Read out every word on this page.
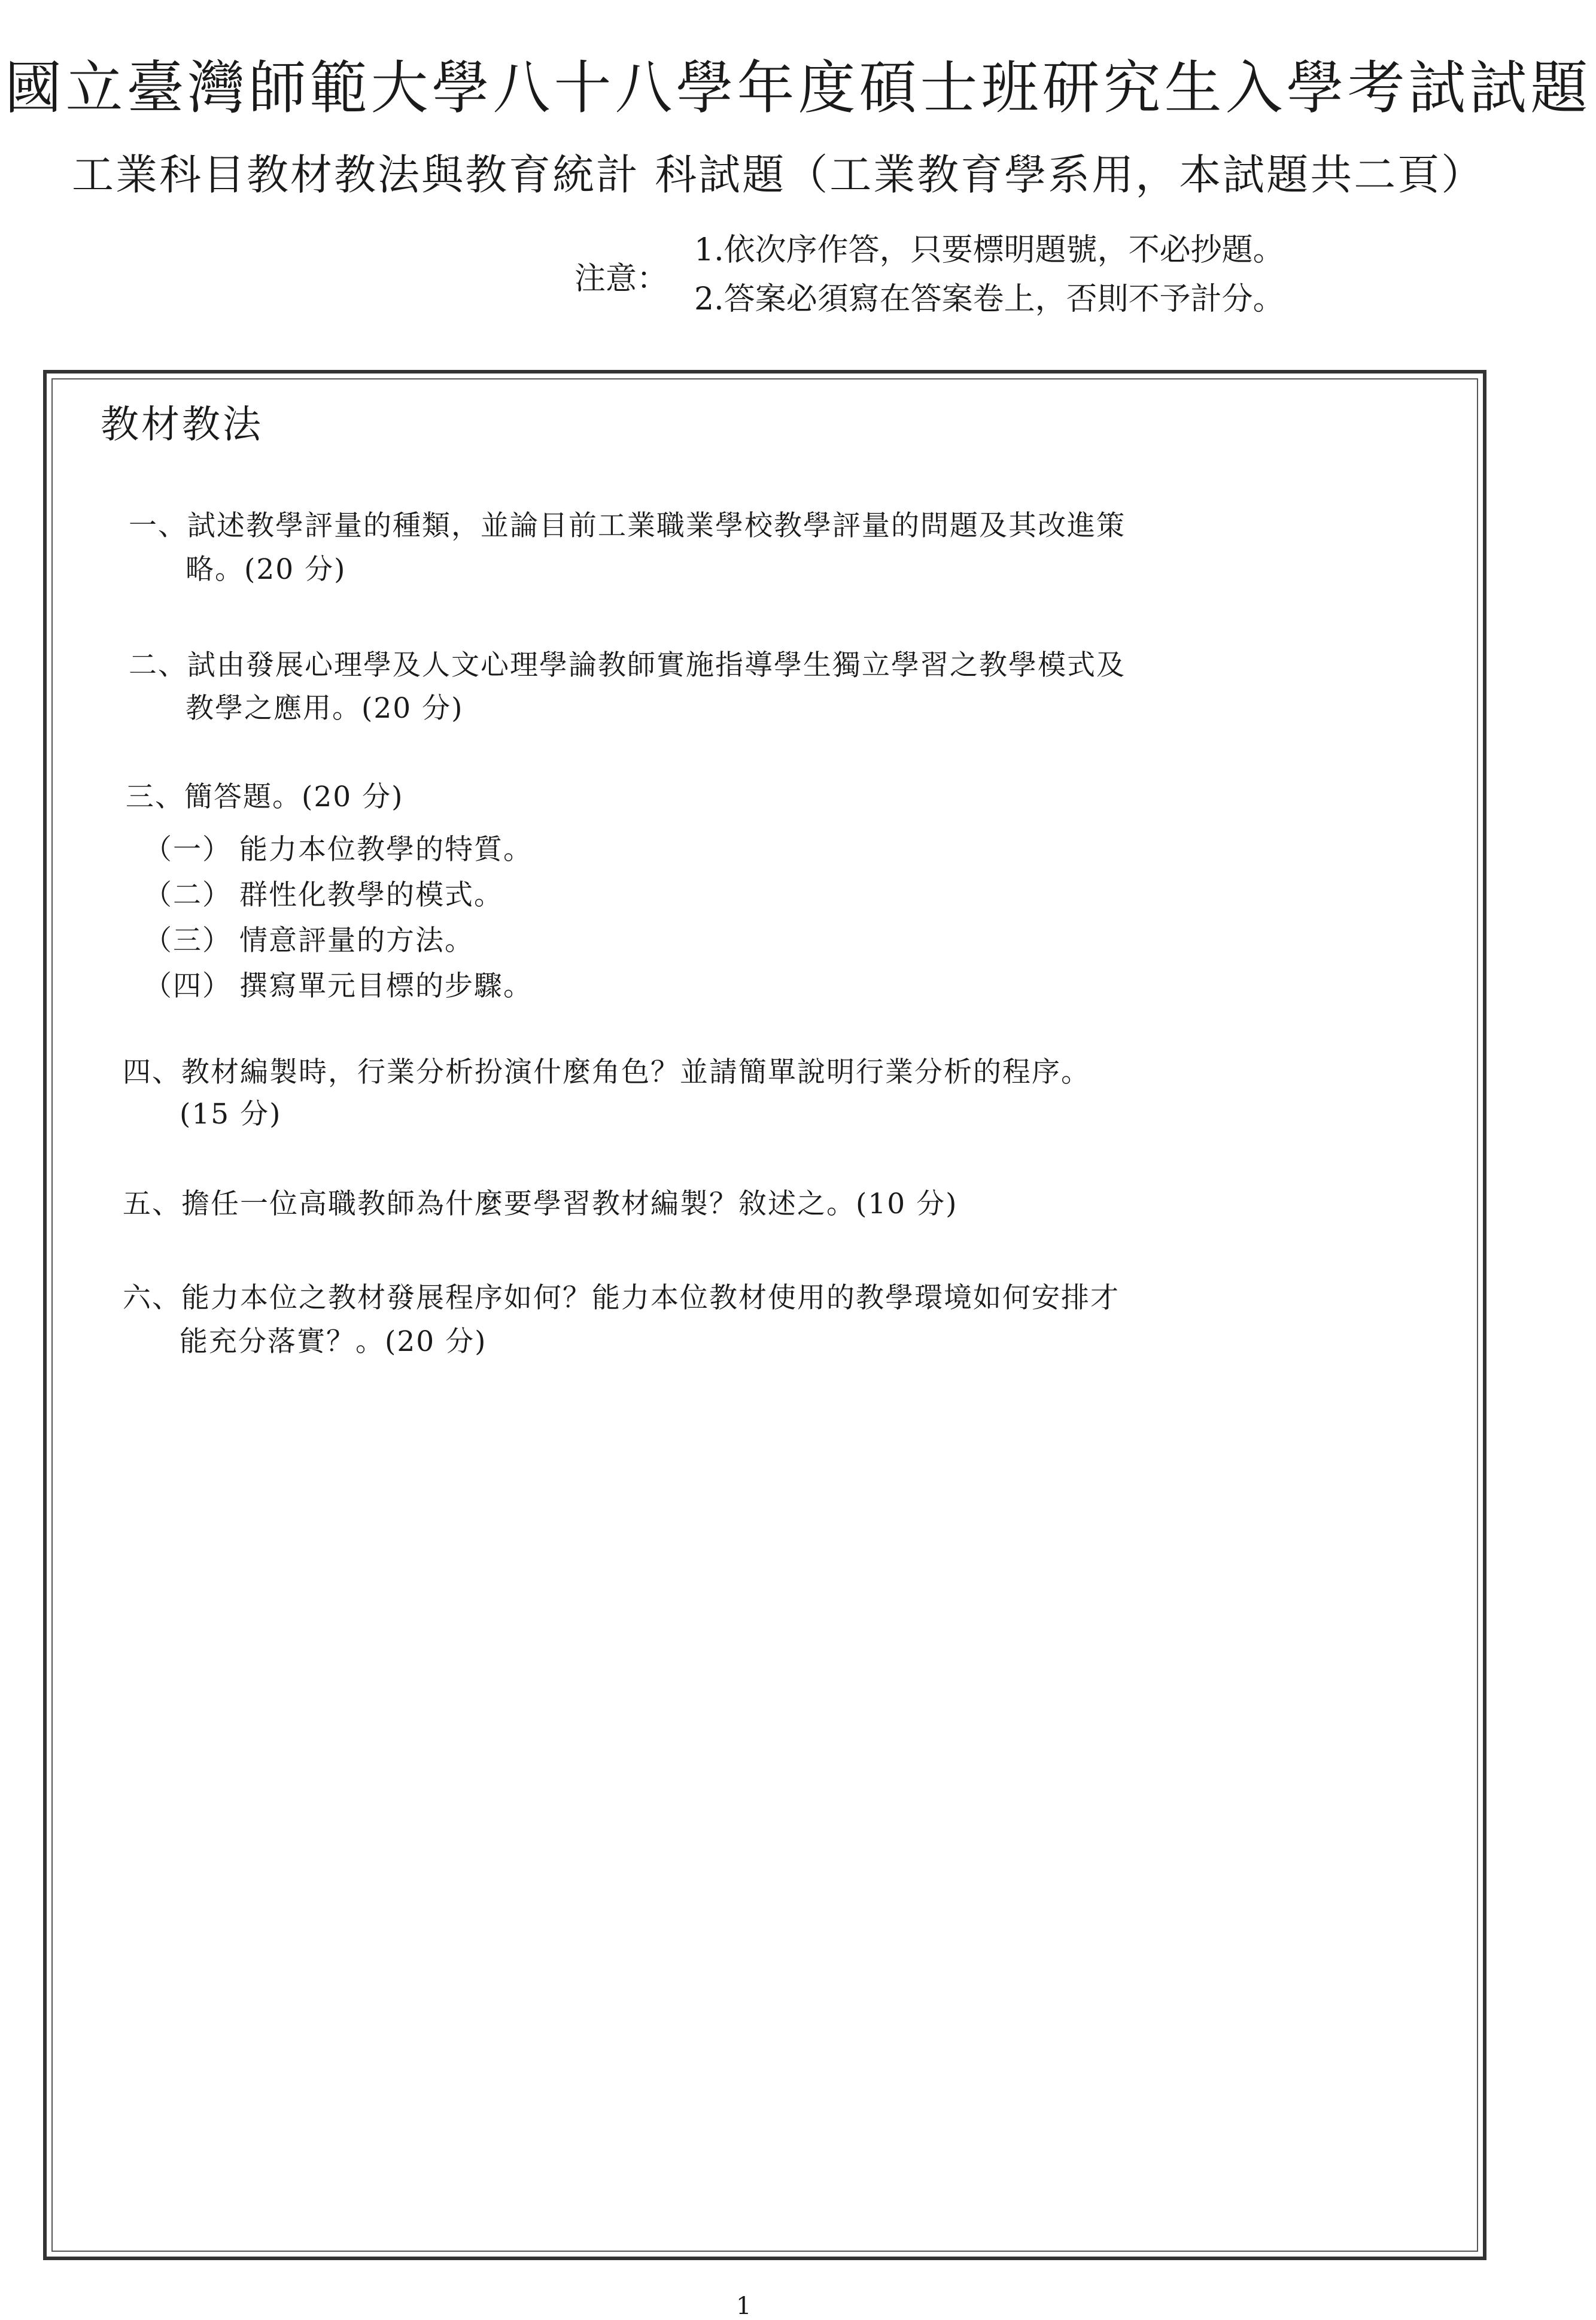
國立臺灣師範大學八十八學年度碩士班研究生入學考試試題
工業科目教材教法與教育統計 科試題（工業教育學系用，本試題共二頁）
注意：
1.依次序作答，只要標明題號，不必抄題。
2.答案必須寫在答案卷上，否則不予計分。
教材教法
一、試述教學評量的種類，並論目前工業職業學校教學評量的問題及其改進策
略。(20 分)
二、試由發展心理學及人文心理學論教師實施指導學生獨立學習之教學模式及
教學之應用。(20 分)
三、簡答題。(20 分)
（一） 能力本位教學的特質。
（二） 群性化教學的模式。
（三） 情意評量的方法。
（四） 撰寫單元目標的步驟。
四、教材編製時，行業分析扮演什麼角色？並請簡單說明行業分析的程序。
(15 分)
五、擔任一位高職教師為什麼要學習教材編製？敘述之。(10 分)
六、能力本位之教材發展程序如何？能力本位教材使用的教學環境如何安排才
能充分落實？。(20 分)
1
